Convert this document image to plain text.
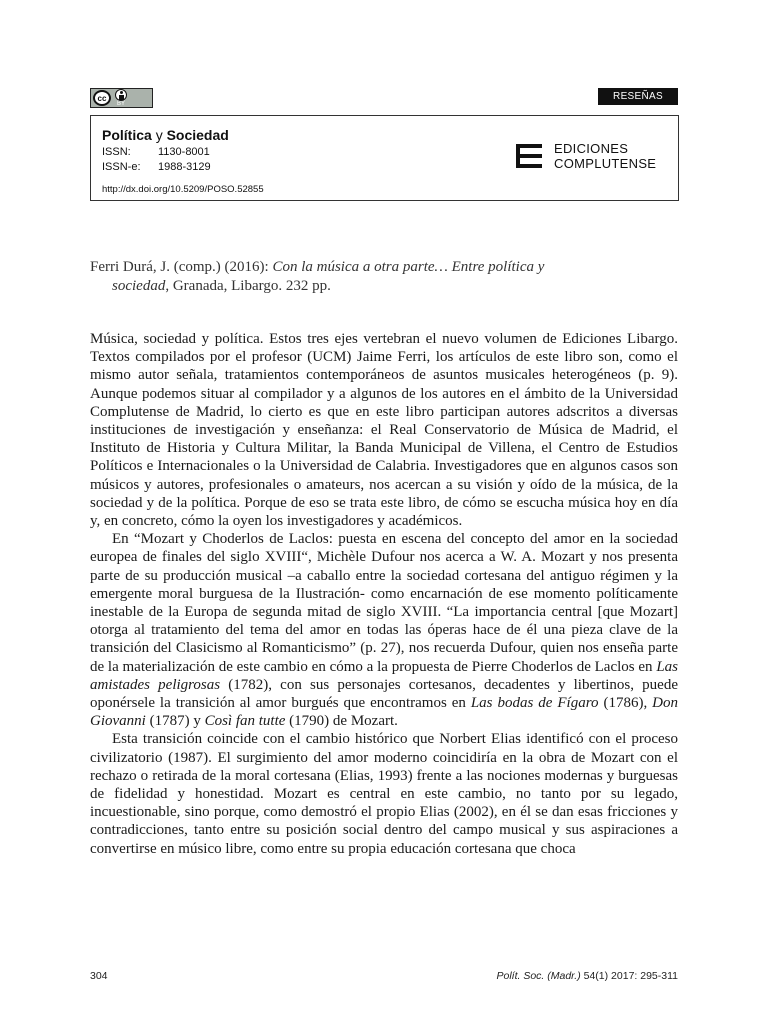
cc
BY
RESEÑAS
Política y Sociedad
ISSN: 1130-8001
ISSN-e: 1988-3129
http://dx.doi.org/10.5209/POSO.52855
EDICIONES
COMPLUTENSE
Ferri Durá, J. (comp.) (2016): Con la música a otra parte… Entre política y
sociedad, Granada, Libargo. 232 pp.

Música, sociedad y política. Estos tres ejes vertebran el nuevo volumen de Ediciones Libargo. Textos compilados por el profesor (UCM) Jaime Ferri, los artículos de este libro son, como el mismo autor señala, tratamientos contemporáneos de asuntos musicales heterogéneos (p. 9). Aunque podemos situar al compilador y a algunos de los autores en el ámbito de la Universidad Complutense de Madrid, lo cierto es que en este libro participan autores adscritos a diversas instituciones de investigación y enseñanza: el Real Conservatorio de Música de Madrid, el Instituto de Historia y Cultura Militar, la Banda Municipal de Villena, el Centro de Estudios Políticos e Internacionales o la Universidad de Calabria. Investigadores que en algunos casos son músicos y autores, profesionales o amateurs, nos acercan a su visión y oído de la música, de la sociedad y de la política. Porque de eso se trata este libro, de cómo se escucha música hoy en día y, en concreto, cómo la oyen los investigadores y académicos.

En “Mozart y Choderlos de Laclos: puesta en escena del concepto del amor en la sociedad europea de finales del siglo XVIII“, Michèle Dufour nos acerca a W. A. Mozart y nos presenta parte de su producción musical –a caballo entre la sociedad cortesana del antiguo régimen y la emergente moral burguesa de la Ilustración- como encarnación de ese momento políticamente inestable de la Europa de segunda mitad de siglo XVIII. “La importancia central [que Mozart] otorga al tratamiento del tema del amor en todas las óperas hace de él una pieza clave de la transición del Clasicismo al Romanticismo” (p. 27), nos recuerda Dufour, quien nos enseña parte de la materialización de este cambio en cómo a la propuesta de Pierre Choderlos de Laclos en Las amistades peligrosas (1782), con sus personajes cortesanos, decadentes y libertinos, puede oponérsele la transición al amor burgués que encontramos en Las bodas de Fígaro (1786), Don Giovanni (1787) y Così fan tutte (1790) de Mozart.

Esta transición coincide con el cambio histórico que Norbert Elias identificó con el proceso civilizatorio (1987). El surgimiento del amor moderno coincidiría en la obra de Mozart con el rechazo o retirada de la moral cortesana (Elias, 1993) frente a las nociones modernas y burguesas de fidelidad y honestidad. Mozart es central en este cambio, no tanto por su legado, incuestionable, sino porque, como demostró el propio Elias (2002), en él se dan esas fricciones y contradicciones, tanto entre su posición social dentro del campo musical y sus aspiraciones a convertirse en músico libre, como entre su propia educación cortesana que choca

304	Polít. Soc. (Madr.) 54(1) 2017: 295-311
